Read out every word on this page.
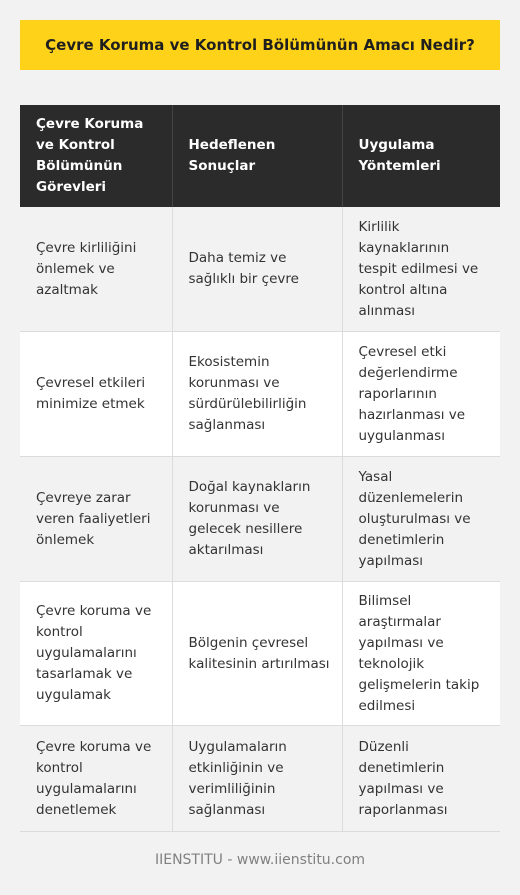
Çevre Koruma ve Kontrol Bölümünün Amacı Nedir?
Çevre Koruma ve Kontrol Bölümünün Görevleri	Hedeflenen Sonuçlar	Uygulama Yöntemleri
Çevre kirliliğini önlemek ve azaltmak	Daha temiz ve sağlıklı bir çevre	Kirlilik kaynaklarının tespit edilmesi ve kontrol altına alınması
Çevresel etkileri minimize etmek	Ekosistemin korunması ve sürdürülebilirliğin sağlanması	Çevresel etki değerlendirme raporlarının hazırlanması ve uygulanması
Çevreye zarar veren faaliyetleri önlemek	Doğal kaynakların korunması ve gelecek nesillere aktarılması	Yasal düzenlemelerin oluşturulması ve denetimlerin yapılması
Çevre koruma ve kontrol uygulamalarını tasarlamak ve uygulamak	Bölgenin çevresel kalitesinin artırılması	Bilimsel araştırmalar yapılması ve teknolojik gelişmelerin takip edilmesi
Çevre koruma ve kontrol uygulamalarını denetlemek	Uygulamaların etkinliğinin ve verimliliğinin sağlanması	Düzenli denetimlerin yapılması ve raporlanması
IIENSTITU - www.iienstitu.com
